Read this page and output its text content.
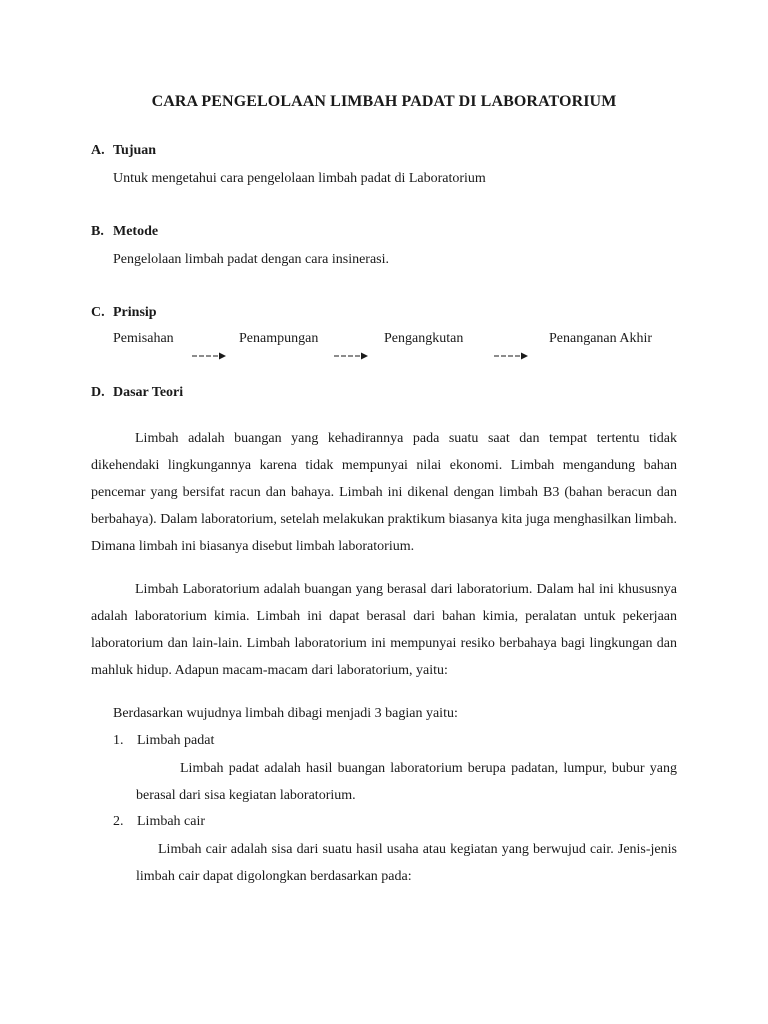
CARA PENGELOLAAN LIMBAH PADAT DI LABORATORIUM
A. Tujuan
Untuk mengetahui cara pengelolaan limbah padat di Laboratorium
B. Metode
Pengelolaan limbah padat dengan cara insinerasi.
C. Prinsip
Pemisahan	Penampungan	Pengangkutan	Penanganan Akhir
D. Dasar Teori
Limbah adalah buangan yang kehadirannya pada suatu saat dan tempat tertentu tidak dikehendaki lingkungannya karena tidak mempunyai nilai ekonomi. Limbah mengandung bahan pencemar yang bersifat racun dan bahaya. Limbah ini dikenal dengan limbah B3 (bahan beracun dan berbahaya). Dalam laboratorium, setelah melakukan praktikum biasanya kita juga menghasilkan limbah. Dimana limbah ini biasanya disebut limbah laboratorium.
Limbah Laboratorium adalah buangan yang berasal dari laboratorium. Dalam hal ini khususnya adalah laboratorium kimia. Limbah ini dapat berasal dari bahan kimia, peralatan untuk pekerjaan laboratorium dan lain-lain. Limbah laboratorium ini mempunyai resiko berbahaya bagi lingkungan dan mahluk hidup. Adapun macam-macam dari laboratorium, yaitu:
Berdasarkan wujudnya limbah dibagi menjadi 3 bagian yaitu:
1. Limbah padat
Limbah padat adalah hasil buangan laboratorium berupa padatan, lumpur, bubur yang berasal dari sisa kegiatan laboratorium.
2. Limbah cair
Limbah cair adalah sisa dari suatu hasil usaha atau kegiatan yang berwujud cair. Jenis-jenis limbah cair dapat digolongkan berdasarkan pada:
